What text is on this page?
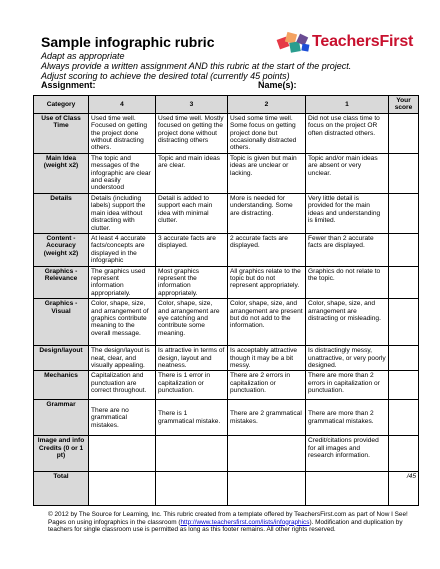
Sample infographic rubric
Adapt as appropriate
Always provide a written assignment AND this rubric at the start of the project.
Adjust scoring to achieve the desired total (currently 45 points)
TeachersFirst
Assignment:	Name(s):
Category	4	3	2	1	Your score
Use of Class Time	Used time well. Focused on getting the project done without distracting others.	Used time well. Mostly focused on getting the project done without distracting others	Used some time well. Some focus on getting project done but occasionally distracted others.	Did not use class time to focus on the project OR often distracted others.	
Main Idea (weight x2)	The topic and messages of the infographic are clear and easily understood	Topic and main ideas are clear.	Topic is given but main ideas are unclear or lacking.	Topic and/or main ideas are absent or very unclear.	
Details	Details (including labels) support the main idea without distracting with clutter.	Detail is added to support each main idea with minimal clutter.	More is needed for understanding. Some are distracting.	Very little detail is provided for the main ideas and understanding is limited.	
Content - Accuracy (weight x2)	At least 4 accurate facts/concepts are displayed in the infographic	3 accurate facts are displayed.	2 accurate facts are displayed.	Fewer than 2 accurate facts are displayed.	
Graphics - Relevance	The graphics used represent information appropriately.	Most graphics represent the information appropriately.	All graphics relate to the topic but do not represent appropriately.	Graphics do not relate to the topic.	
Graphics - Visual	Color, shape, size, and arrangement of graphics contribute meaning to the overall message.	Color, shape, size, and arrangement are eye catching and contribute some meaning.	Color, shape, size, and arrangement are present but do not add to the information.	Color, shape, size, and arrangement are distracting or misleading.	
Design/layout	The design/layout is neat, clear, and visually appealing.	Is attractive in terms of design, layout and neatness.	Is acceptably attractive though it may be a bit messy.	Is distractingly messy, unattractive, or very poorly designed.	
Mechanics	Capitalization and punctuation are correct throughout.	There is 1 error in capitalization or punctuation.	There are 2 errors in capitalization or punctuation.	There are more than 2 errors in capitalization or punctuation.	
Grammar	There are no grammatical mistakes.	There is 1 grammatical mistake.	There are 2 grammatical mistakes.	There are more than 2 grammatical mistakes.	
Image and info Credits (0 or 1 pt)				Credit/citations provided for all images and research information.	
Total					/45
© 2012 by The Source for Learning, Inc. This rubric created from a template offered by TeachersFirst.com as part of Now I See! Pages on using infographics in the classroom (http://www.teachersfirst.com/lists/infographics). Modification and duplication by teachers for single classroom use is permitted as long as this footer remains. All other rights reserved.
